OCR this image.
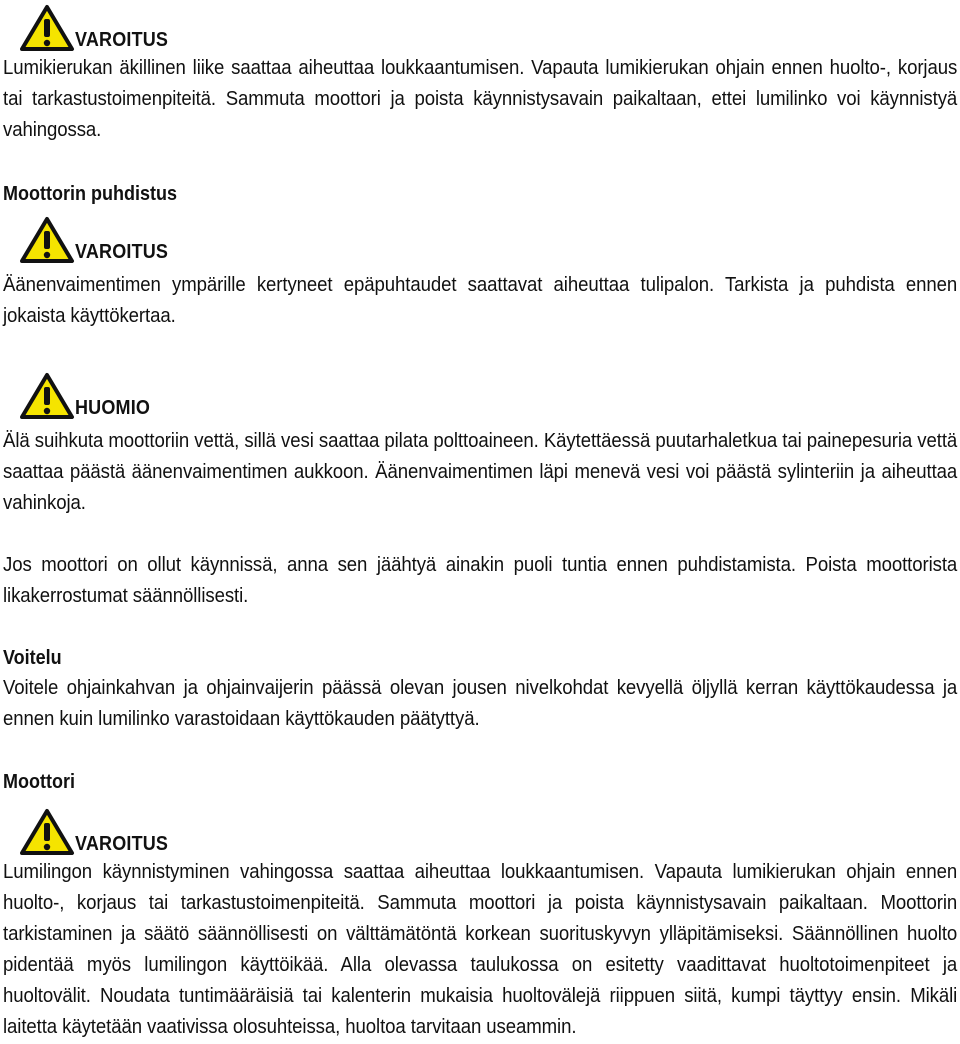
VAROITUS
Lumikierukan äkillinen liike saattaa aiheuttaa loukkaantumisen. Vapauta lumikierukan ohjain ennen huolto-, korjaus tai tarkastustoimenpiteitä. Sammuta moottori ja poista käynnistysavain paikaltaan, ettei lumilinko voi käynnistyä vahingossa.
Moottorin puhdistus
VAROITUS
Äänenvaimentimen ympärille kertyneet epäpuhtaudet saattavat aiheuttaa tulipalon. Tarkista ja puhdista ennen jokaista käyttökertaa.
HUOMIO
Älä suihkuta moottoriin vettä, sillä vesi saattaa pilata polttoaineen. Käytettäessä puutarhaletkua tai painepesuria vettä saattaa päästä äänenvaimentimen aukkoon. Äänenvaimentimen läpi menevä vesi voi päästä sylinteriin ja aiheuttaa vahinkoja.
Jos moottori on ollut käynnissä, anna sen jäähtyä ainakin puoli tuntia ennen puhdistamista. Poista moottorista likakerrostumat säännöllisesti.
Voitelu
Voitele ohjainkahvan ja ohjainvaijerin päässä olevan jousen nivelkohdat kevyellä öljyllä kerran käyttökaudessa ja ennen kuin lumilinko varastoidaan käyttökauden päätyttyä.
Moottori
VAROITUS
Lumilingon käynnistyminen vahingossa saattaa aiheuttaa loukkaantumisen. Vapauta lumikierukan ohjain ennen huolto-, korjaus tai tarkastustoimenpiteitä. Sammuta moottori ja poista käynnistysavain paikaltaan. Moottorin tarkistaminen ja säätö säännöllisesti on välttämätöntä korkean suorituskyvyn ylläpitämiseksi. Säännöllinen huolto pidentää myös lumilingon käyttöikää. Alla olevassa taulukossa on esitetty vaadittavat huoltotoimenpiteet ja huoltovälit. Noudata tuntimääräisiä tai kalenterin mukaisia huoltovälejä riippuen siitä, kumpi täyttyy ensin. Mikäli laitetta käytetään vaativissa olosuhteissa, huoltoa tarvitaan useammin.
